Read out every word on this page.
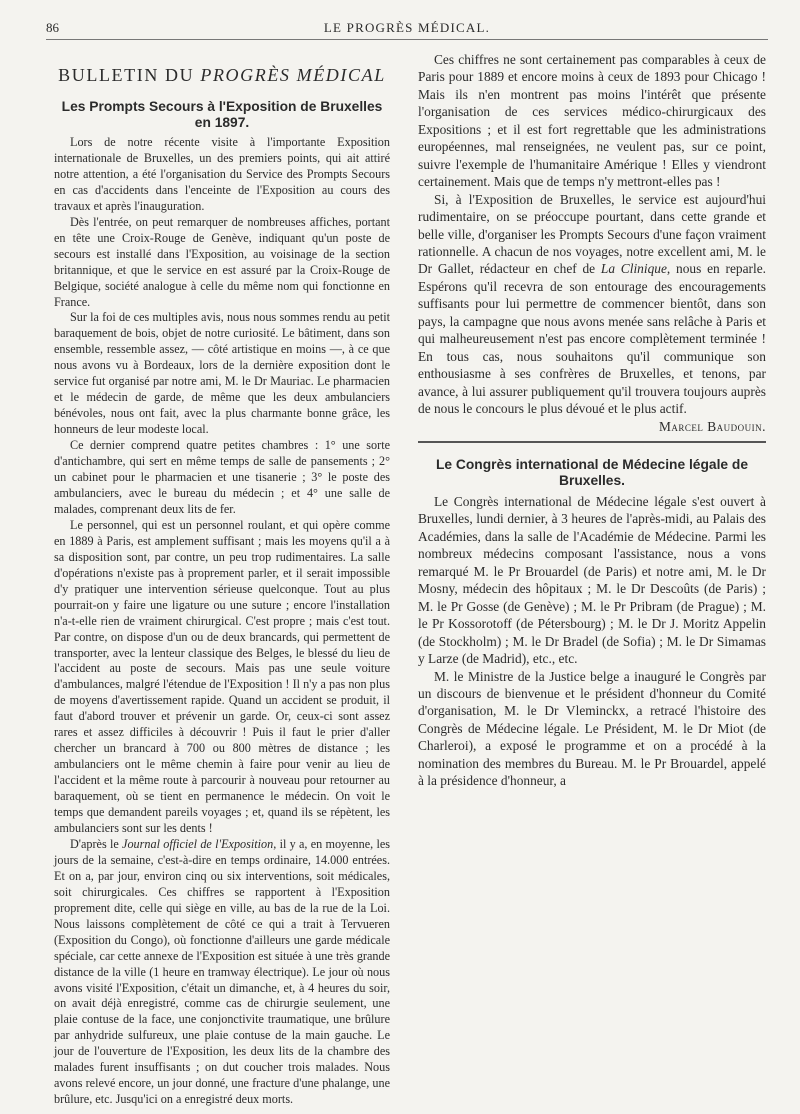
86	LE PROGRÈS MÉDICAL.
BULLETIN DU PROGRÈS MÉDICAL
Les Prompts Secours à l'Exposition de Bruxelles en 1897.

Lors de notre récente visite à l'importante Exposition internationale de Bruxelles, un des premiers points, qui ait attiré notre attention, a été l'organisation du Service des Prompts Secours en cas d'accidents dans l'enceinte de l'Exposition au cours des travaux et après l'inauguration.

Dès l'entrée, on peut remarquer de nombreuses affiches, portant en tête une Croix-Rouge de Genève, indiquant qu'un poste de secours est installé dans l'Exposition, au voisinage de la section britannique, et que le service en est assuré par la Croix-Rouge de Belgique, société analogue à celle du même nom qui fonctionne en France.

Sur la foi de ces multiples avis, nous nous sommes rendu au petit baraquement de bois, objet de notre curiosité. Le bâtiment, dans son ensemble, ressemble assez, — côté artistique en moins —, à ce que nous avons vu à Bordeaux, lors de la dernière exposition dont le service fut organisé par notre ami, M. le Dr Mauriac. Le pharmacien et le médecin de garde, de même que les deux ambulanciers bénévoles, nous ont fait, avec la plus charmante bonne grâce, les honneurs de leur modeste local.

Ce dernier comprend quatre petites chambres : 1° une sorte d'antichambre, qui sert en même temps de salle de pansements ; 2° un cabinet pour le pharmacien et une tisanerie ; 3° le poste des ambulanciers, avec le bureau du médecin ; et 4° une salle de malades, comprenant deux lits de fer.

Le personnel, qui est un personnel roulant, et qui opère comme en 1889 à Paris, est amplement suffisant ; mais les moyens qu'il a à sa disposition sont, par contre, un peu trop rudimentaires. La salle d'opérations n'existe pas à proprement parler, et il serait impossible d'y pratiquer une intervention sérieuse quelconque. Tout au plus pourrait-on y faire une ligature ou une suture ; encore l'installation n'a-t-elle rien de vraiment chirurgical. C'est propre ; mais c'est tout. Par contre, on dispose d'un ou de deux brancards, qui permettent de transporter, avec la lenteur classique des Belges, le blessé du lieu de l'accident au poste de secours. Mais pas une seule voiture d'ambulances, malgré l'étendue de l'Exposition ! Il n'y a pas non plus de moyens d'avertissement rapide. Quand un accident se produit, il faut d'abord trouver et prévenir un garde. Or, ceux-ci sont assez rares et assez difficiles à découvrir ! Puis il faut le prier d'aller chercher un brancard à 700 ou 800 mètres de distance ; les ambulanciers ont le même chemin à faire pour venir au lieu de l'accident et la même route à parcourir à nouveau pour retourner au baraquement, où se tient en permanence le médecin. On voit le temps que demandent pareils voyages ; et, quand ils se répètent, les ambulanciers sont sur les dents !

D'après le Journal officiel de l'Exposition, il y a, en moyenne, les jours de la semaine, c'est-à-dire en temps ordinaire, 14.000 entrées. Et on a, par jour, environ cinq ou six interventions, soit médicales, soit chirurgicales. Ces chiffres se rapportent à l'Exposition proprement dite, celle qui siège en ville, au bas de la rue de la Loi. Nous laissons complètement de côté ce qui a trait à Tervueren (Exposition du Congo), où fonctionne d'ailleurs une garde médicale spéciale, car cette annexe de l'Exposition est située à une très grande distance de la ville (1 heure en tramway électrique). Le jour où nous avons visité l'Exposition, c'était un dimanche, et, à 4 heures du soir, on avait déjà enregistré, comme cas de chirurgie seulement, une plaie contuse de la face, une conjonctivite traumatique, une brûlure par anhydride sulfureux, une plaie contuse de la main gauche. Le jour de l'ouverture de l'Exposition, les deux lits de la chambre des malades furent insuffisants ; on dut coucher trois malades. Nous avons relevé encore, un jour donné, une fracture d'une phalange, une brûlure, etc. Jusqu'ici on a enregistré deux morts.

Ces chiffres ne sont certainement pas comparables à ceux de Paris pour 1889 et encore moins à ceux de 1893 pour Chicago ! Mais ils n'en montrent pas moins l'intérêt que présente l'organisation de ces services médico-chirurgicaux des Expositions ; et il est fort regrettable que les administrations européennes, mal renseignées, ne veulent pas, sur ce point, suivre l'exemple de l'humanitaire Amérique ! Elles y viendront certainement. Mais que de temps n'y mettront-elles pas !

Si, à l'Exposition de Bruxelles, le service est aujourd'hui rudimentaire, on se préoccupe pourtant, dans cette grande et belle ville, d'organiser les Prompts Secours d'une façon vraiment rationnelle. A chacun de nos voyages, notre excellent ami, M. le Dr Gallet, rédacteur en chef de La Clinique, nous en reparle. Espérons qu'il recevra de son entourage des encouragements suffisants pour lui permettre de commencer bientôt, dans son pays, la campagne que nous avons menée sans relâche à Paris et qui malheureusement n'est pas encore complètement terminée ! En tous cas, nous souhaitons qu'il communique son enthousiasme à ses confrères de Bruxelles, et tenons, par avance, à lui assurer publiquement qu'il trouvera toujours auprès de nous le concours le plus dévoué et le plus actif.

Marcel Baudouin.

Le Congrès international de Médecine légale de Bruxelles.

Le Congrès international de Médecine légale s'est ouvert à Bruxelles, lundi dernier, à 3 heures de l'après-midi, au Palais des Académies, dans la salle de l'Académie de Médecine. Parmi les nombreux médecins composant l'assistance, nous a vons remarqué M. le Pr Brouardel (de Paris) et notre ami, M. le Dr Mosny, médecin des hôpitaux ; M. le Dr Descoûts (de Paris) ; M. le Pr Gosse (de Genève) ; M. le Pr Pribram (de Prague) ; M. le Pr Kossorotoff (de Pétersbourg) ; M. le Dr J. Moritz Appelin (de Stockholm) ; M. le Dr Bradel (de Sofia) ; M. le Dr Simamas y Larze (de Madrid), etc., etc.

M. le Ministre de la Justice belge a inauguré le Congrès par un discours de bienvenue et le président d'honneur du Comité d'organisation, M. le Dr Vleminckx, a retracé l'histoire des Congrès de Médecine légale. Le Président, M. le Dr Miot (de Charleroi), a exposé le programme et on a procédé à la nomination des membres du Bureau. M. le Pr Brouardel, appelé à la présidence d'honneur, a
